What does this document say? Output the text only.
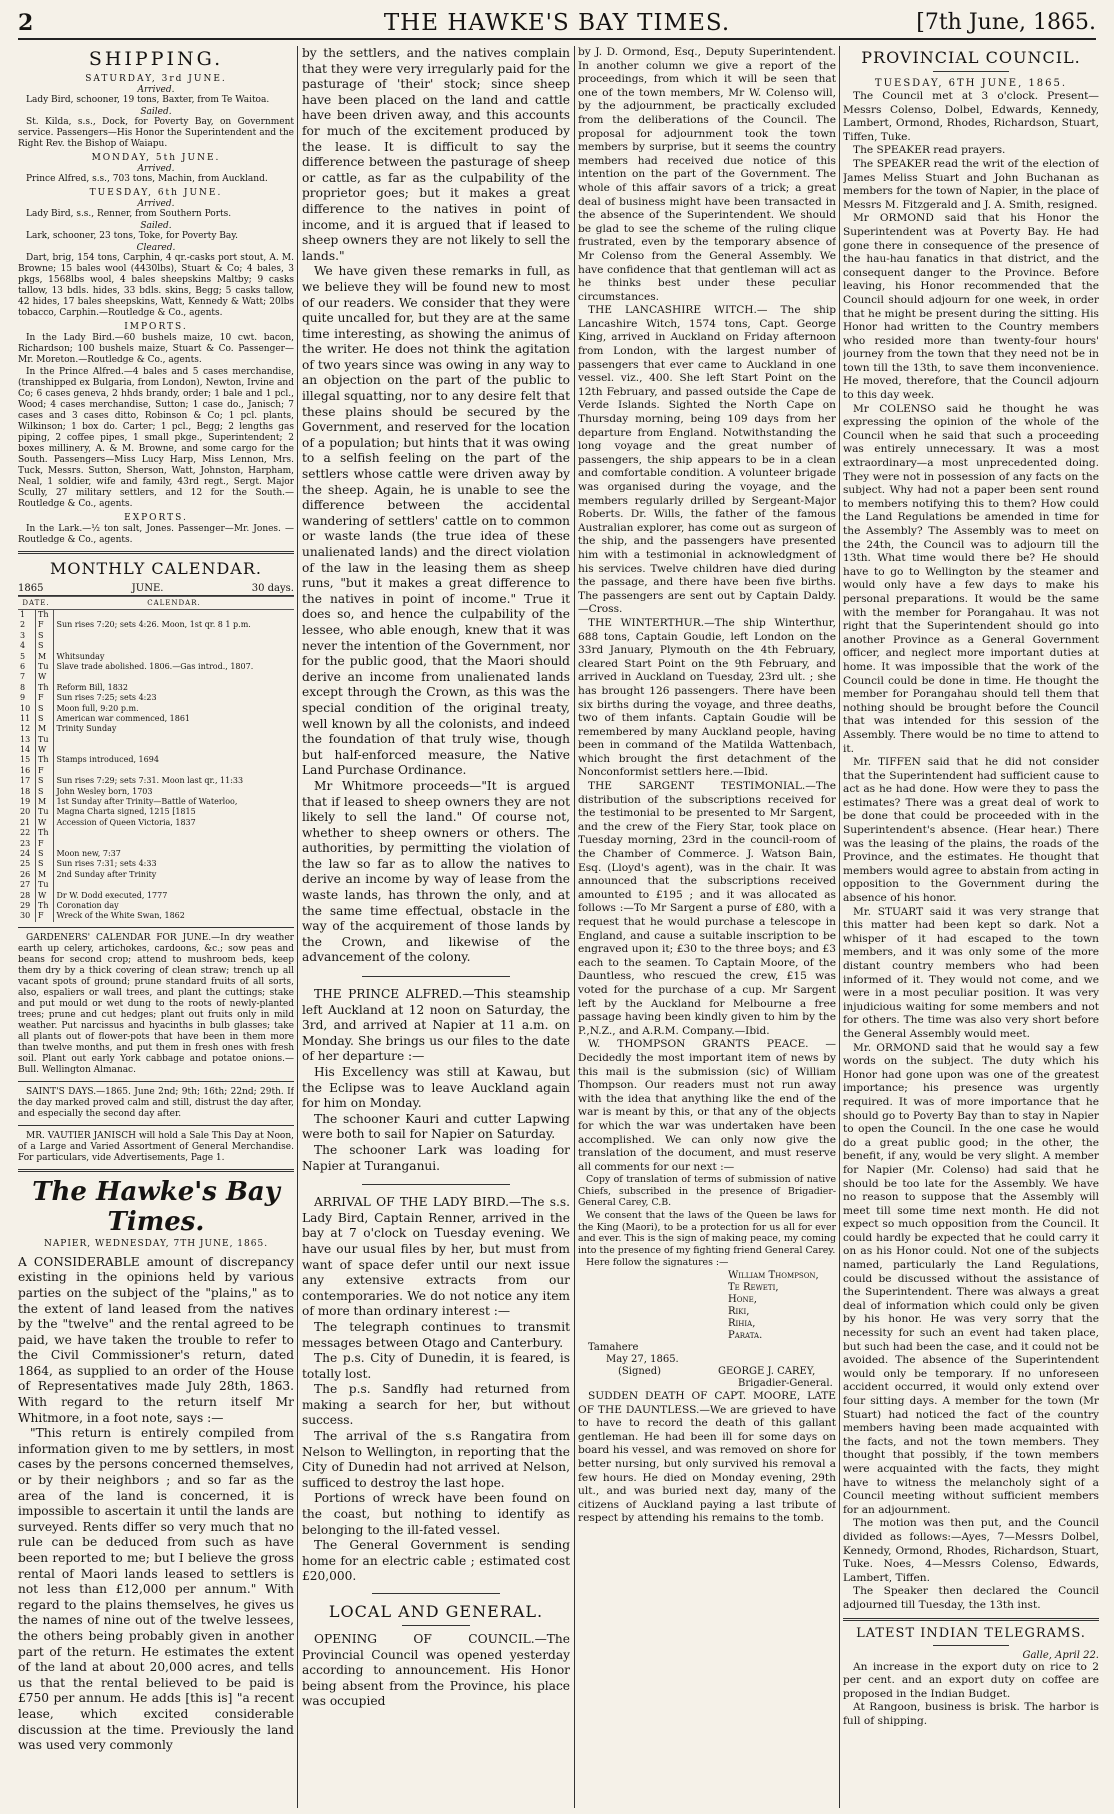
2	THE HAWKE'S BAY TIMES.	[7th June, 1865.
SHIPPING.
SATURDAY, 3rd JUNE.

Arrived.

Lady Bird, schooner, 19 tons, Baxter, from Te Waitoa.

Sailed.

St. Kilda, s.s., Dock, for Poverty Bay, on Government service. Passengers—His Honor the Superintendent and the Right Rev. the Bishop of Waiapu.

MONDAY, 5th JUNE.

Arrived.

Prince Alfred, s.s., 703 tons, Machin, from Auckland.

TUESDAY, 6th JUNE.

Arrived.

Lady Bird, s.s., Renner, from Southern Ports.

Sailed.

Lark, schooner, 23 tons, Toke, for Poverty Bay.

Cleared.

Dart, brig, 154 tons, Carphin, 4 qr.-casks port stout, A. M. Browne; 15 bales wool (4430lbs), Stuart & Co; 4 bales, 3 pkgs, 1568lbs wool, 4 bales sheepskins Maltby; 9 casks tallow, 13 bdls. hides, 33 bdls. skins, Begg; 5 casks tallow, 42 hides, 17 bales sheepskins, Watt, Kennedy & Watt; 20lbs tobacco, Carphin.—Routledge & Co., agents.

IMPORTS.

In the Lady Bird.—60 bushels maize, 10 cwt. bacon, Richardson; 100 bushels maize, Stuart & Co. Passenger—Mr. Moreton.—Routledge & Co., agents.

In the Prince Alfred.—4 bales and 5 cases merchandise, (transhipped ex Bulgaria, from London), Newton, Irvine and Co; 6 cases geneva, 2 hhds brandy, order; 1 bale and 1 pcl., Wood; 4 cases merchandise, Sutton; 1 case do., Janisch; 7 cases and 3 cases ditto, Robinson & Co; 1 pcl. plants, Wilkinson; 1 box do. Carter; 1 pcl., Begg; 2 lengths gas piping, 2 coffee pipes, 1 small pkge., Superintendent; 2 boxes millinery, A. & M. Browne, and some cargo for the South. Passengers—Miss Lucy Harp, Miss Lennon, Mrs. Tuck, Messrs. Sutton, Sherson, Watt, Johnston, Harpham, Neal, 1 soldier, wife and family, 43rd regt., Sergt. Major Scully, 27 military settlers, and 12 for the South.—Routledge & Co., agents.

EXPORTS.

In the Lark.—½ ton salt, Jones. Passenger—Mr. Jones. —Routledge & Co., agents.

MONTHLY CALENDAR.
1865	JUNE.	30 days.
DATE.		CALENDAR.
1	Th	
2	F	Sun rises 7:20; sets 4:26. Moon, 1st qr. 8 1 p.m.
3	S	
4	S	
5	M	Whitsunday
6	Tu	Slave trade abolished. 1806.—Gas introd., 1807.
7	W	
8	Th	Reform Bill, 1832
9	F	Sun rises 7:25; sets 4:23
10	S	Moon full, 9:20 p.m.
11	S	American war commenced, 1861
12	M	Trinity Sunday
13	Tu	
14	W	
15	Th	Stamps introduced, 1694
16	F	
17	S	Sun rises 7:29; sets 7:31. Moon last qr., 11:33
18	S	John Wesley born, 1703
19	M	1st Sunday after Trinity—Battle of Waterloo,
20	Tu	Magna Charta signed, 1215 [1815
21	W	Accession of Queen Victoria, 1837
22	Th	
23	F	
24	S	Moon new, 7:37
25	S	Sun rises 7:31; sets 4:33
26	M	2nd Sunday after Trinity
27	Tu	
28	W	Dr W. Dodd executed, 1777
29	Th	Coronation day
30	F	Wreck of the White Swan, 1862

GARDENERS' CALENDAR FOR JUNE.—In dry weather earth up celery, artichokes, cardoons, &c.; sow peas and beans for second crop; attend to mushroom beds, keep them dry by a thick covering of clean straw; trench up all vacant spots of ground; prune standard fruits of all sorts, also, espaliers or wall trees, and plant the cuttings; stake and put mould or wet dung to the roots of newly-planted trees; prune and cut hedges; plant out fruits only in mild weather. Put narcissus and hyacinths in bulb glasses; take all plants out of flower-pots that have been in them more than twelve months, and put them in fresh ones with fresh soil. Plant out early York cabbage and potatoe onions.—Bull. Wellington Almanac.

SAINT'S DAYS.—1865. June 2nd; 9th; 16th; 22nd; 29th. If the day marked proved calm and still, distrust the day after, and especially the second day after.

MR. VAUTIER JANISCH will hold a Sale This Day at Noon, of a Large and Varied Assortment of General Merchandise. For particulars, vide Advertisements, Page 1.

The Hawke's Bay Times.
NAPIER, WEDNESDAY, 7TH JUNE, 1865.

A CONSIDERABLE amount of discrepancy existing in the opinions held by various parties on the subject of the "plains," as to the extent of land leased from the natives by the "twelve" and the rental agreed to be paid, we have taken the trouble to refer to the Civil Commissioner's return, dated 1864, as supplied to an order of the House of Representatives made July 28th, 1863. With regard to the return itself Mr Whitmore, in a foot note, says :—

"This return is entirely compiled from information given to me by settlers, in most cases by the persons concerned themselves, or by their neighbors ; and so far as the area of the land is concerned, it is impossible to ascertain it until the lands are surveyed. Rents differ so very much that no rule can be deduced from such as have been reported to me; but I believe the gross rental of Maori lands leased to settlers is not less than £12,000 per annum." With regard to the plains themselves, he gives us the names of nine out of the twelve lessees, the others being probably given in another part of the return. He estimates the extent of the land at about 20,000 acres, and tells us that the rental believed to be paid is £750 per annum. He adds [this is] "a recent lease, which excited considerable discussion at the time. Previously the land was used very commonly

by the settlers, and the natives complain that they were very irregularly paid for the pasturage of 'their' stock; since sheep have been placed on the land and cattle have been driven away, and this accounts for much of the excitement produced by the lease. It is difficult to say the difference between the pasturage of sheep or cattle, as far as the culpability of the proprietor goes; but it makes a great difference to the natives in point of income, and it is argued that if leased to sheep owners they are not likely to sell the lands."

We have given these remarks in full, as we believe they will be found new to most of our readers. We consider that they were quite uncalled for, but they are at the same time interesting, as showing the animus of the writer. He does not think the agitation of two years since was owing in any way to an objection on the part of the public to illegal squatting, nor to any desire felt that these plains should be secured by the Government, and reserved for the location of a population; but hints that it was owing to a selfish feeling on the part of the settlers whose cattle were driven away by the sheep. Again, he is unable to see the difference between the accidental wandering of settlers' cattle on to common or waste lands (the true idea of these unalienated lands) and the direct violation of the law in the leasing them as sheep runs, "but it makes a great difference to the natives in point of income." True it does so, and hence the culpability of the lessee, who able enough, knew that it was never the intention of the Government, nor for the public good, that the Maori should derive an income from unalienated lands except through the Crown, as this was the special condition of the original treaty, well known by all the colonists, and indeed the foundation of that truly wise, though but half-enforced measure, the Native Land Purchase Ordinance.

Mr Whitmore proceeds—"It is argued that if leased to sheep owners they are not likely to sell the land." Of course not, whether to sheep owners or others. The authorities, by permitting the violation of the law so far as to allow the natives to derive an income by way of lease from the waste lands, has thrown the only, and at the same time effectual, obstacle in the way of the acquirement of those lands by the Crown, and likewise of the advancement of the colony.

THE PRINCE ALFRED.—This steamship left Auckland at 12 noon on Saturday, the 3rd, and arrived at Napier at 11 a.m. on Monday. She brings us our files to the date of her departure :—

His Excellency was still at Kawau, but the Eclipse was to leave Auckland again for him on Monday.

The schooner Kauri and cutter Lapwing were both to sail for Napier on Saturday.

The schooner Lark was loading for Napier at Turanganui.

ARRIVAL OF THE LADY BIRD.—The s.s. Lady Bird, Captain Renner, arrived in the bay at 7 o'clock on Tuesday evening. We have our usual files by her, but must from want of space defer until our next issue any extensive extracts from our contemporaries. We do not notice any item of more than ordinary interest :—

The telegraph continues to transmit messages between Otago and Canterbury.

The p.s. City of Dunedin, it is feared, is totally lost.

The p.s. Sandfly had returned from making a search for her, but without success.

The arrival of the s.s Rangatira from Nelson to Wellington, in reporting that the City of Dunedin had not arrived at Nelson, sufficed to destroy the last hope.

Portions of wreck have been found on the coast, but nothing to identify as belonging to the ill-fated vessel.

The General Government is sending home for an electric cable ; estimated cost £20,000.

LOCAL AND GENERAL.

OPENING OF COUNCIL.—The Provincial Council was opened yesterday according to announcement. His Honor being absent from the Province, his place was occupied

by J. D. Ormond, Esq., Deputy Superintendent. In another column we give a report of the proceedings, from which it will be seen that one of the town members, Mr W. Colenso will, by the adjournment, be practically excluded from the deliberations of the Council. The proposal for adjournment took the town members by surprise, but it seems the country members had received due notice of this intention on the part of the Government. The whole of this affair savors of a trick; a great deal of business might have been transacted in the absence of the Superintendent. We should be glad to see the scheme of the ruling clique frustrated, even by the temporary absence of Mr Colenso from the General Assembly. We have confidence that that gentleman will act as he thinks best under these peculiar circumstances.

THE LANCASHIRE WITCH.— The ship Lancashire Witch, 1574 tons, Capt. George King, arrived in Auckland on Friday afternoon from London, with the largest number of passengers that ever came to Auckland in one vessel. viz., 400. She left Start Point on the 12th February, and passed outside the Cape de Verde Islands. Sighted the North Cape on Thursday morning, being 109 days from her departure from England. Notwithstanding the long voyage and the great number of passengers, the ship appears to be in a clean and comfortable condition. A volunteer brigade was organised during the voyage, and the members regularly drilled by Sergeant-Major Roberts. Dr. Wills, the father of the famous Australian explorer, has come out as surgeon of the ship, and the passengers have presented him with a testimonial in acknowledgment of his services. Twelve children have died during the passage, and there have been five births. The passengers are sent out by Captain Daldy.—Cross.

THE WINTERTHUR.—The ship Winterthur, 688 tons, Captain Goudie, left London on the 33rd January, Plymouth on the 4th February, cleared Start Point on the 9th February, and arrived in Auckland on Tuesday, 23rd ult. ; she has brought 126 passengers. There have been six births during the voyage, and three deaths, two of them infants. Captain Goudie will be remembered by many Auckland people, having been in command of the Matilda Wattenbach, which brought the first detachment of the Nonconformist settlers here.—Ibid.

THE SARGENT TESTIMONIAL.—The distribution of the subscriptions received for the testimonial to be presented to Mr Sargent, and the crew of the Fiery Star, took place on Tuesday morning, 23rd in the council-room of the Chamber of Commerce. J. Watson Bain, Esq. (Lloyd's agent), was in the chair. It was announced that the subscriptions received amounted to £195 ; and it was allocated as follows :—To Mr Sargent a purse of £80, with a request that he would purchase a telescope in England, and cause a suitable inscription to be engraved upon it; £30 to the three boys; and £3 each to the seamen. To Captain Moore, of the Dauntless, who rescued the crew, £15 was voted for the purchase of a cup. Mr Sargent left by the Auckland for Melbourne a free passage having been kindly given to him by the P.,N.Z., and A.R.M. Company.—Ibid.

W. THOMPSON GRANTS PEACE. — Decidedly the most important item of news by this mail is the submission (sic) of William Thompson. Our readers must not run away with the idea that anything like the end of the war is meant by this, or that any of the objects for which the war was undertaken have been accomplished. We can only now give the translation of the document, and must reserve all comments for our next :—

Copy of translation of terms of submission of native Chiefs, subscribed in the presence of Brigadier-General Carey, C.B.

We consent that the laws of the Queen be laws for the King (Maori), to be a protection for us all for ever and ever. This is the sign of making peace, my coming into the presence of my fighting friend General Carey.

Here follow the signatures :—

William Thompson,

Te Reweti,

Hone,

Riki,

Rihia,

Parata.

Tamahere

May 27, 1865.

(Signed)	GEORGE J. CAREY,

Brigadier-General.

SUDDEN DEATH OF CAPT. MOORE, LATE OF THE DAUNTLESS.—We are grieved to have to have to record the death of this gallant gentleman. He had been ill for some days on board his vessel, and was removed on shore for better nursing, but only survived his removal a few hours. He died on Monday evening, 29th ult., and was buried next day, many of the citizens of Auckland paying a last tribute of respect by attending his remains to the tomb.

PROVINCIAL COUNCIL.
TUESDAY, 6TH JUNE, 1865.

The Council met at 3 o'clock. Present—Messrs Colenso, Dolbel, Edwards, Kennedy, Lambert, Ormond, Rhodes, Richardson, Stuart, Tiffen, Tuke.

The SPEAKER read prayers.

The SPEAKER read the writ of the election of James Meliss Stuart and John Buchanan as members for the town of Napier, in the place of Messrs M. Fitzgerald and J. A. Smith, resigned.

Mr ORMOND said that his Honor the Superintendent was at Poverty Bay. He had gone there in consequence of the presence of the hau-hau fanatics in that district, and the consequent danger to the Province. Before leaving, his Honor recommended that the Council should adjourn for one week, in order that he might be present during the sitting. His Honor had written to the Country members who resided more than twenty-four hours' journey from the town that they need not be in town till the 13th, to save them inconvenience. He moved, therefore, that the Council adjourn to this day week.

Mr COLENSO said he thought he was expressing the opinion of the whole of the Council when he said that such a proceeding was entirely unnecessary. It was a most extraordinary—a most unprecedented doing. They were not in possession of any facts on the subject. Why had not a paper been sent round to members notifying this to them? How could the Land Regulations be amended in time for the Assembly? The Assembly was to meet on the 24th, the Council was to adjourn till the 13th. What time would there be? He should have to go to Wellington by the steamer and would only have a few days to make his personal preparations. It would be the same with the member for Porangahau. It was not right that the Superintendent should go into another Province as a General Government officer, and neglect more important duties at home. It was impossible that the work of the Council could be done in time. He thought the member for Porangahau should tell them that nothing should be brought before the Council that was intended for this session of the Assembly. There would be no time to attend to it.

Mr. TIFFEN said that he did not consider that the Superintendent had sufficient cause to act as he had done. How were they to pass the estimates? There was a great deal of work to be done that could be proceeded with in the Superintendent's absence. (Hear hear.) There was the leasing of the plains, the roads of the Province, and the estimates. He thought that members would agree to abstain from acting in opposition to the Government during the absence of his honor.

Mr. STUART said it was very strange that this matter had been kept so dark. Not a whisper of it had escaped to the town members, and it was only some of the more distant country members who had been informed of it. They would not come, and we were in a most peculiar position. It was very injudicious waiting for some members and not for others. The time was also very short before the General Assembly would meet.

Mr. ORMOND said that he would say a few words on the subject. The duty which his Honor had gone upon was one of the greatest importance; his presence was urgently required. It was of more importance that he should go to Poverty Bay than to stay in Napier to open the Council. In the one case he would do a great public good; in the other, the benefit, if any, would be very slight. A member for Napier (Mr. Colenso) had said that he should be too late for the Assembly. We have no reason to suppose that the Assembly will meet till some time next month. He did not expect so much opposition from the Council. It could hardly be expected that he could carry it on as his Honor could. Not one of the subjects named, particularly the Land Regulations, could be discussed without the assistance of the Superintendent. There was always a great deal of information which could only be given by his honor. He was very sorry that the necessity for such an event had taken place, but such had been the case, and it could not be avoided. The absence of the Superintendent would only be temporary. If no unforeseen accident occurred, it would only extend over four sitting days. A member for the town (Mr Stuart) had noticed the fact of the country members having been made acquainted with the facts, and not the town members. They thought that possibly, if the town members were acquainted with the facts, they might have to witness the melancholy sight of a Council meeting without sufficient members for an adjournment.

The motion was then put, and the Council divided as follows:—Ayes, 7—Messrs Dolbel, Kennedy, Ormond, Rhodes, Richardson, Stuart, Tuke. Noes, 4—Messrs Colenso, Edwards, Lambert, Tiffen.

The Speaker then declared the Council adjourned till Tuesday, the 13th inst.

LATEST INDIAN TELEGRAMS.

Galle, April 22.

An increase in the export duty on rice to 2 per cent. and an export duty on coffee are proposed in the Indian Budget.

At Rangoon, business is brisk. The harbor is full of shipping.
